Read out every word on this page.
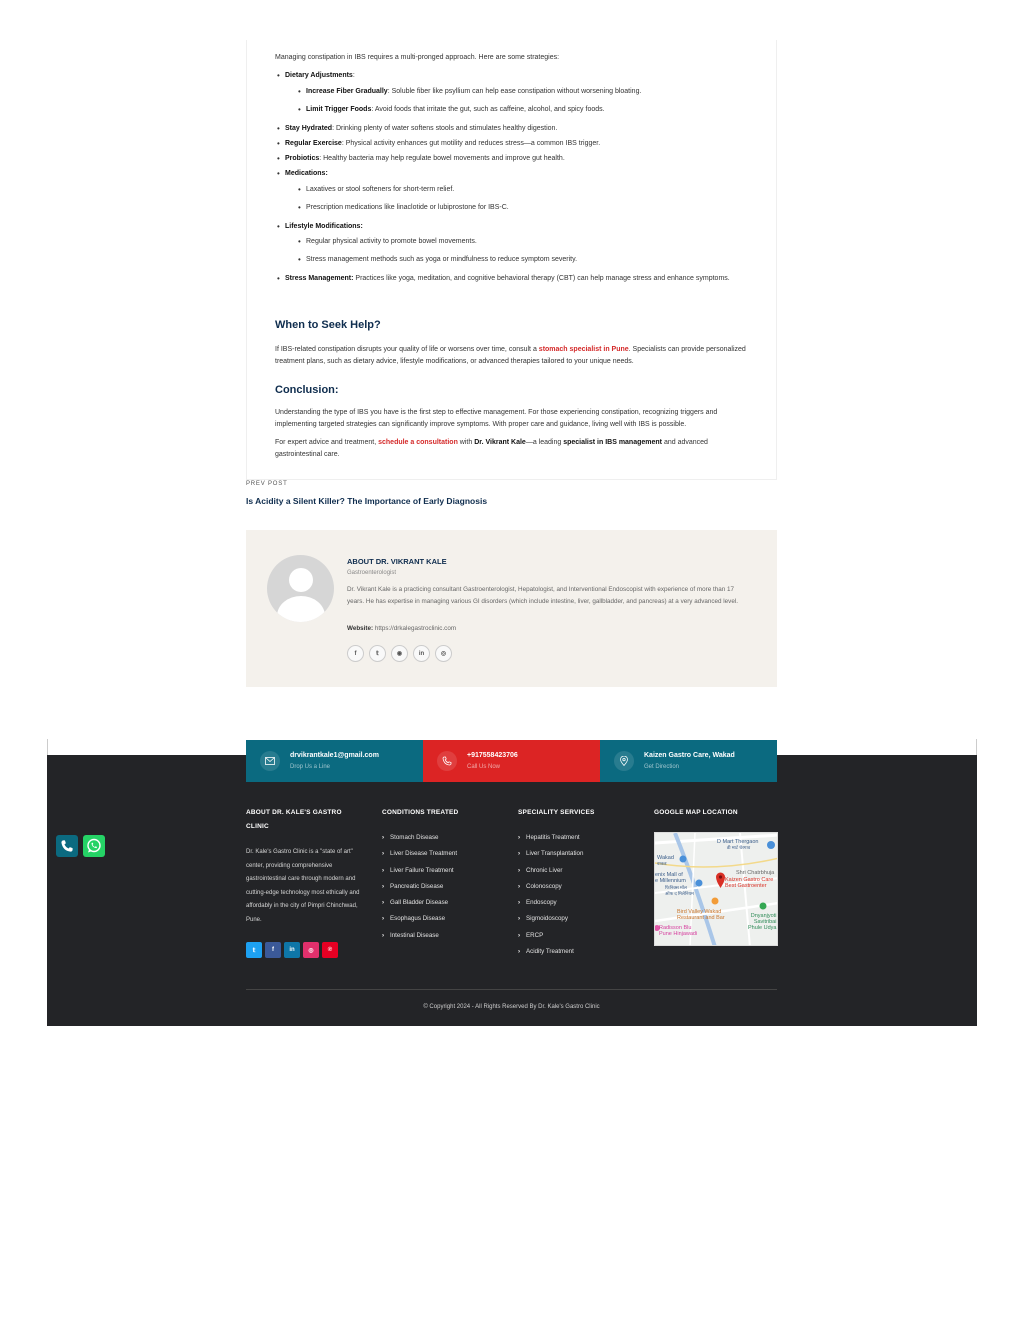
Managing constipation in IBS requires a multi-pronged approach. Here are some strategies:

• Dietary Adjustments:
• Increase Fiber Gradually: Soluble fiber like psyllium can help ease constipation without worsening bloating.
• Limit Trigger Foods: Avoid foods that irritate the gut, such as caffeine, alcohol, and spicy foods.
• Stay Hydrated: Drinking plenty of water softens stools and stimulates healthy digestion.
• Regular Exercise: Physical activity enhances gut motility and reduces stress—a common IBS trigger.
• Probiotics: Healthy bacteria may help regulate bowel movements and improve gut health.
• Medications:
• Laxatives or stool softeners for short-term relief.
• Prescription medications like linaclotide or lubiprostone for IBS-C.
• Lifestyle Modifications:
• Regular physical activity to promote bowel movements.
• Stress management methods such as yoga or mindfulness to reduce symptom severity.
• Stress Management: Practices like yoga, meditation, and cognitive behavioral therapy (CBT) can help manage stress and enhance symptoms.
When to Seek Help?

If IBS-related constipation disrupts your quality of life or worsens over time, consult a stomach specialist in Pune. Specialists can provide personalized treatment plans, such as dietary advice, lifestyle modifications, or advanced therapies tailored to your unique needs.

Conclusion:

Understanding the type of IBS you have is the first step to effective management. For those experiencing constipation, recognizing triggers and implementing targeted strategies can significantly improve symptoms. With proper care and guidance, living well with IBS is possible.

For expert advice and treatment, schedule a consultation with Dr. Vikrant Kale—a leading specialist in IBS management and advanced gastrointestinal care.

PREV POST
Is Acidity a Silent Killer? The Importance of Early Diagnosis
ABOUT DR. VIKRANT KALE
Gastroenterologist
Dr. Vikrant Kale is a practicing consultant Gastroenterologist, Hepatologist, and Interventional Endoscopist with experience of more than 17 years. He has expertise in managing various GI disorders (which include intestine, liver, gallbladder, and pancreas) at a very advanced level.
Website: https://drkalegastroclinic.com
f	𝕥	◉	in	◎
drvikrantkale1@gmail.com
Drop Us a Line
+917558423706
Call Us Now
Kaizen Gastro Care, Wakad
Get Direction
ABOUT DR. KALE'S GASTRO
CLINIC
Dr. Kale's Gastro Clinic is a "state of art" center, providing comprehensive gastrointestinal care through modern and cutting-edge technology most ethically and affordably in the city of Pimpri Chinchwad, Pune.
𝕥	f	in	◎	℗
CONDITIONS TREATED
› Stomach Disease
› Liver Disease Treatment
› Liver Failure Treatment
› Pancreatic Disease
› Gall Bladder Disease
› Esophagus Disease
› Intestinal Disease
SPECIALITY SERVICES
› Hepatitis Treatment
› Liver Transplantation
› Chronic Liver
› Colonoscopy
› Endoscopy
› Sigmoidoscopy
› ERCP
› Acidity Treatment
GOOGLE MAP LOCATION
D Mart Thergaon
डी मार्ट थेरगाव
Wakad
वाकड
enix Mall of
e Millennium
फिनिक्स मॉल
ऑफ द मिलेनियम
Shri Chatrbhuja
Kaizen Gastro Care
Best Gastroenter
Bird Valley Wakad
Restaurant and Bar	Dnyanjyoti
Savitribai
Phule Udya
Radisson Blu
Pune Hinjawadi
© Copyright 2024 - All Rights Reserved By Dr. Kale's Gastro Clinic
